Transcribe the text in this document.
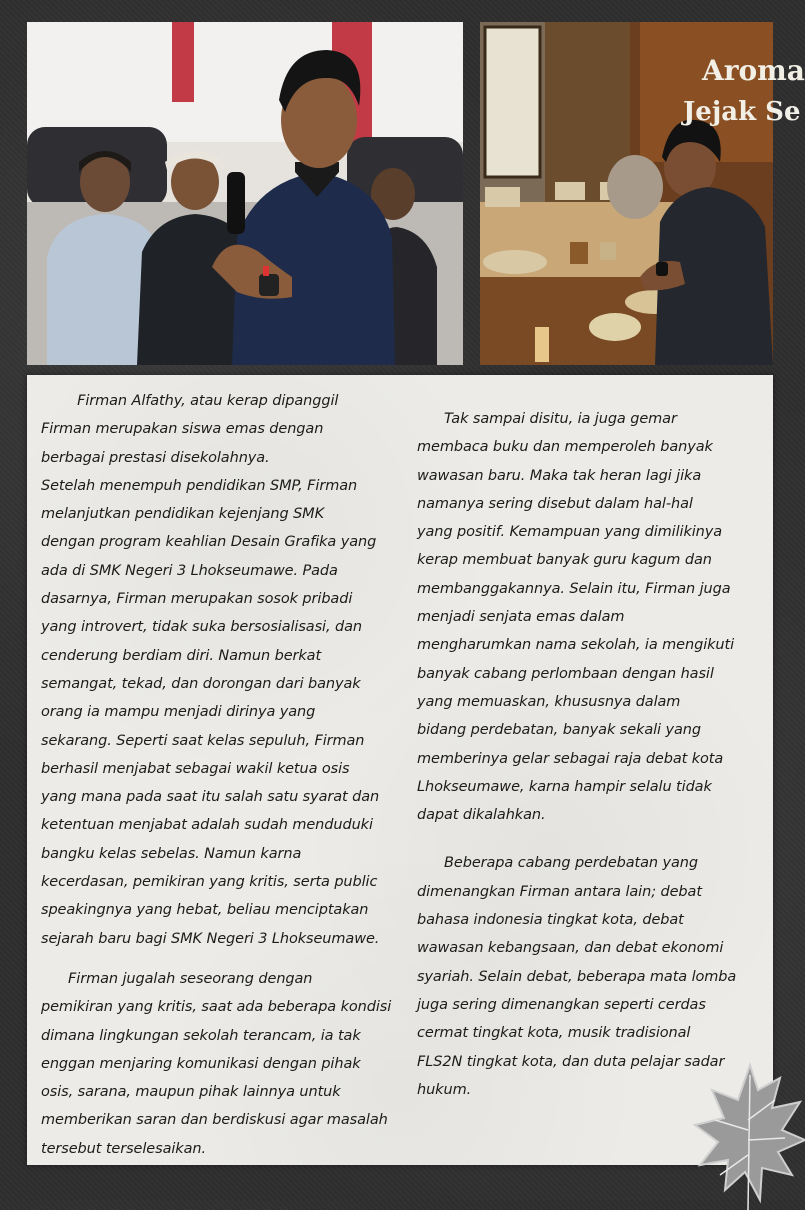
Aroma
Jejak Se

Firman Alfathy, atau kerap dipanggil

Firman merupakan siswa emas dengan

berbagai prestasi disekolahnya.

Setelah menempuh pendidikan SMP, Firman

melanjutkan pendidikan kejenjang SMK

dengan program keahlian Desain Grafika yang

ada di SMK Negeri 3 Lhokseumawe. Pada

dasarnya, Firman merupakan sosok pribadi

yang introvert, tidak suka bersosialisasi, dan

cenderung berdiam diri. Namun berkat

semangat, tekad, dan dorongan dari banyak

orang ia mampu menjadi dirinya yang

sekarang. Seperti saat kelas sepuluh, Firman

berhasil menjabat sebagai wakil ketua osis

yang mana pada saat itu salah satu syarat dan

ketentuan menjabat adalah sudah menduduki

bangku kelas sebelas. Namun karna

kecerdasan, pemikiran yang kritis, serta public

speakingnya yang hebat, beliau menciptakan

sejarah baru bagi SMK Negeri 3 Lhokseumawe.

Firman jugalah seseorang dengan

pemikiran yang kritis, saat ada beberapa kondisi

dimana lingkungan sekolah terancam, ia tak

enggan menjaring komunikasi dengan pihak

osis, sarana, maupun pihak lainnya untuk

memberikan saran dan berdiskusi agar masalah

tersebut terselesaikan.

Tak sampai disitu, ia juga gemar

membaca buku dan memperoleh banyak

wawasan baru. Maka tak heran lagi jika

namanya sering disebut dalam hal-hal

yang positif. Kemampuan yang dimilikinya

kerap membuat banyak guru kagum dan

membanggakannya. Selain itu, Firman juga

menjadi senjata emas dalam

mengharumkan nama sekolah, ia mengikuti

banyak cabang perlombaan dengan hasil

yang memuaskan, khususnya dalam

bidang perdebatan, banyak sekali yang

memberinya gelar sebagai raja debat kota

Lhokseumawe, karna hampir selalu tidak

dapat dikalahkan.

Beberapa cabang perdebatan yang

dimenangkan Firman antara lain; debat

bahasa indonesia tingkat kota, debat

wawasan kebangsaan, dan debat ekonomi

syariah. Selain debat, beberapa mata lomba

juga sering dimenangkan seperti cerdas

cermat tingkat kota, musik tradisional

FLS2N tingkat kota, dan duta pelajar sadar

hukum.
